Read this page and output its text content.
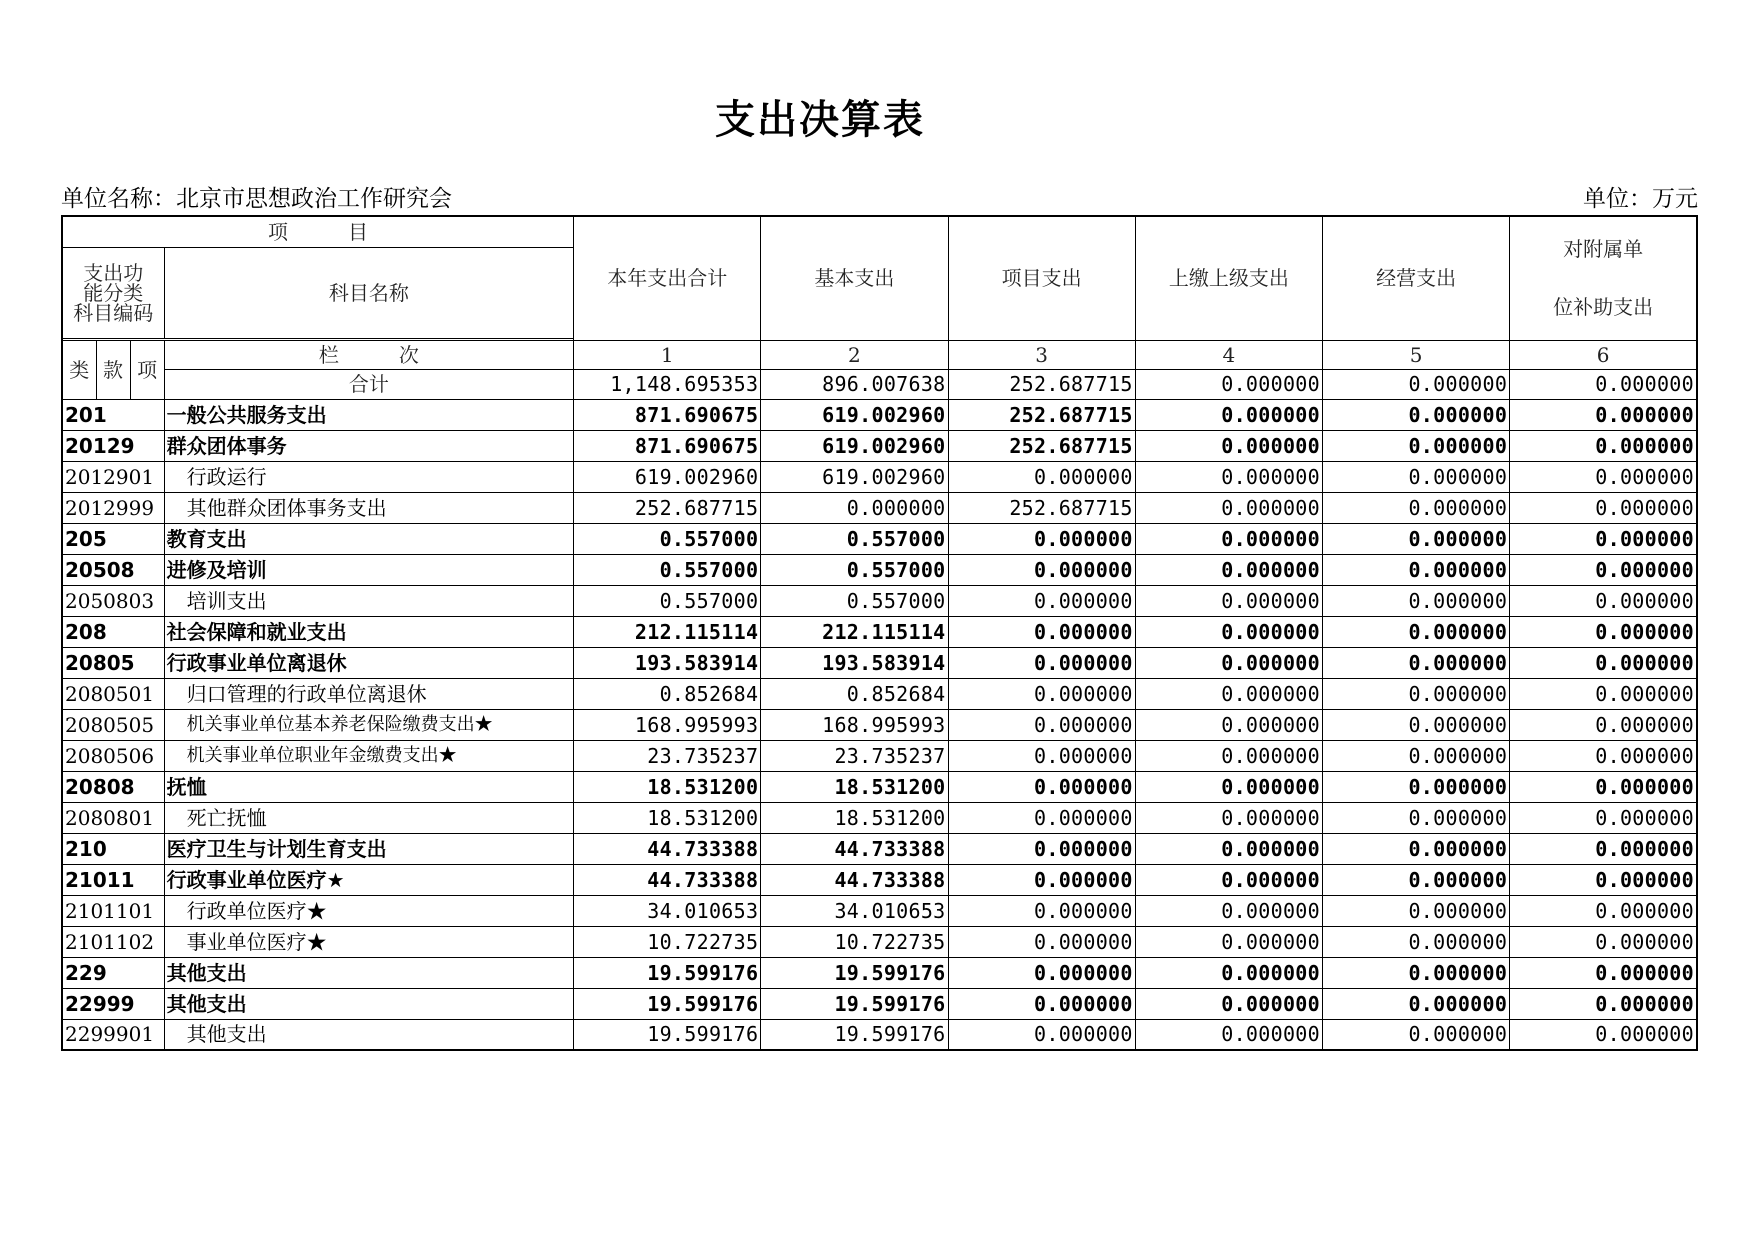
支出决算表
单位名称：北京市思想政治工作研究会	单位：万元
项　　　目				本年支出合计	基本支出	项目支出	上缴上级支出	经营支出	对附属单
位补助支出

支出功
能分类
科目编码			科目名称						

类	款	项	栏　　　次	1	2	3	4	5	6
			合计	1,148.695353	896.007638	252.687715	0.000000	0.000000	0.000000
201			一般公共服务支出	871.690675	619.002960	252.687715	0.000000	0.000000	0.000000
20129			群众团体事务	871.690675	619.002960	252.687715	0.000000	0.000000	0.000000
2012901			行政运行	619.002960	619.002960	0.000000	0.000000	0.000000	0.000000
2012999			其他群众团体事务支出	252.687715	0.000000	252.687715	0.000000	0.000000	0.000000
205			教育支出	0.557000	0.557000	0.000000	0.000000	0.000000	0.000000
20508			进修及培训	0.557000	0.557000	0.000000	0.000000	0.000000	0.000000
2050803			培训支出	0.557000	0.557000	0.000000	0.000000	0.000000	0.000000
208			社会保障和就业支出	212.115114	212.115114	0.000000	0.000000	0.000000	0.000000
20805			行政事业单位离退休	193.583914	193.583914	0.000000	0.000000	0.000000	0.000000
2080501			归口管理的行政单位离退休	0.852684	0.852684	0.000000	0.000000	0.000000	0.000000
2080505			机关事业单位基本养老保险缴费支出★	168.995993	168.995993	0.000000	0.000000	0.000000	0.000000
2080506			机关事业单位职业年金缴费支出★	23.735237	23.735237	0.000000	0.000000	0.000000	0.000000
20808			抚恤	18.531200	18.531200	0.000000	0.000000	0.000000	0.000000
2080801			死亡抚恤	18.531200	18.531200	0.000000	0.000000	0.000000	0.000000
210			医疗卫生与计划生育支出	44.733388	44.733388	0.000000	0.000000	0.000000	0.000000
21011			行政事业单位医疗★	44.733388	44.733388	0.000000	0.000000	0.000000	0.000000
2101101			行政单位医疗★	34.010653	34.010653	0.000000	0.000000	0.000000	0.000000
2101102			事业单位医疗★	10.722735	10.722735	0.000000	0.000000	0.000000	0.000000
229			其他支出	19.599176	19.599176	0.000000	0.000000	0.000000	0.000000
22999			其他支出	19.599176	19.599176	0.000000	0.000000	0.000000	0.000000
2299901			其他支出	19.599176	19.599176	0.000000	0.000000	0.000000	0.000000
